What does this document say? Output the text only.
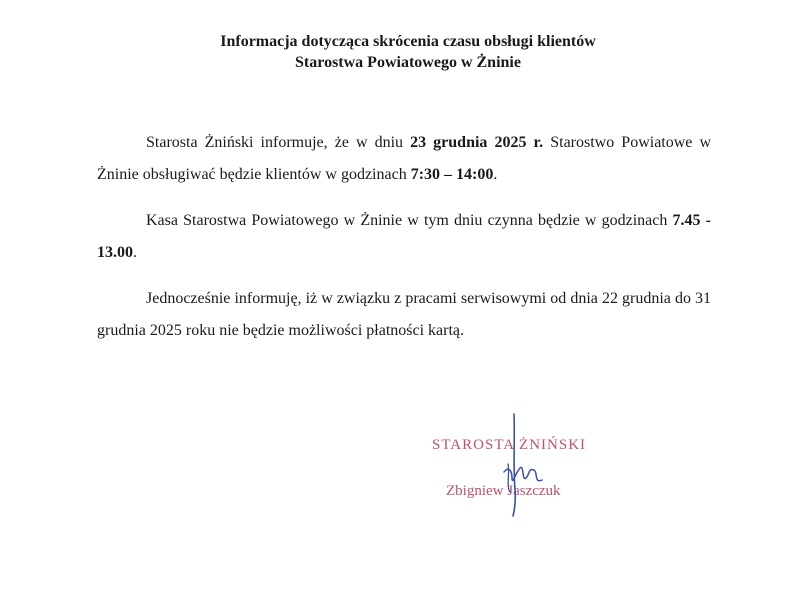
Informacja dotycząca skrócenia czasu obsługi klientów
Starostwa Powiatowego w Żninie
Starosta Żniński informuje, że w dniu 23 grudnia 2025 r. Starostwo Powiatowe w Żninie obsługiwać będzie klientów w godzinach 7:30 – 14:00.
Kasa Starostwa Powiatowego w Żninie w tym dniu czynna będzie w godzinach 7.45 - 13.00.
Jednocześnie informuję, iż w związku z pracami serwisowymi od dnia 22 grudnia do 31 grudnia 2025 roku nie będzie możliwości płatności kartą.
STAROSTA ŻNIŃSKI
Zbigniew Jaszczuk
